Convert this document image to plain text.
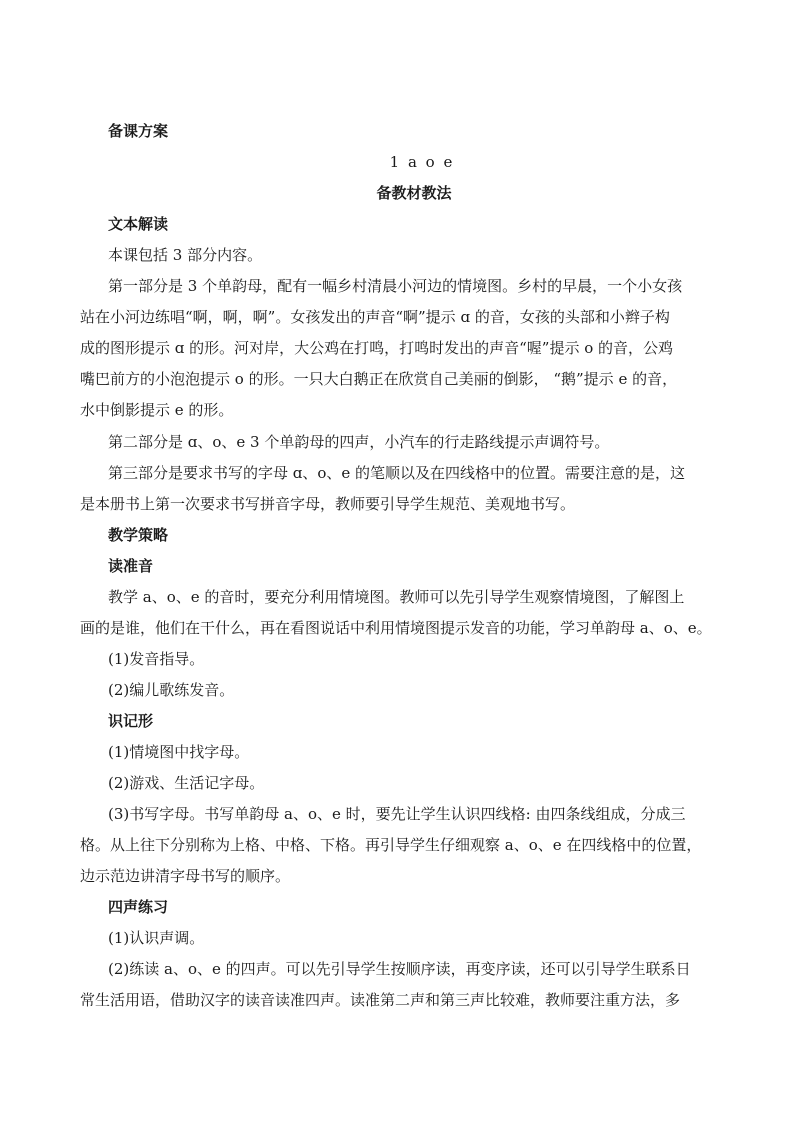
备课方案
1 a o e
备教材教法
文本解读
本课包括 3 部分内容。
第一部分是 3 个单韵母，配有一幅乡村清晨小河边的情境图。乡村的早晨，一个小女孩
站在小河边练唱“啊，啊，啊”。女孩发出的声音“啊”提示 ɑ 的音，女孩的头部和小辫子构
成的图形提示 ɑ 的形。河对岸，大公鸡在打鸣，打鸣时发出的声音“喔”提示 o 的音，公鸡
嘴巴前方的小泡泡提示 o 的形。一只大白鹅正在欣赏自己美丽的倒影， “鹅”提示 e 的音，
水中倒影提示 e 的形。
第二部分是 ɑ、o、e 3 个单韵母的四声，小汽车的行走路线提示声调符号。
第三部分是要求书写的字母 ɑ、o、e 的笔顺以及在四线格中的位置。需要注意的是，这
是本册书上第一次要求书写拼音字母，教师要引导学生规范、美观地书写。
教学策略
读准音
教学 a、o、e 的音时，要充分利用情境图。教师可以先引导学生观察情境图，了解图上
画的是谁，他们在干什么，再在看图说话中利用情境图提示发音的功能，学习单韵母 a、o、e。
(1)发音指导。
(2)编儿歌练发音。
识记形
(1)情境图中找字母。
(2)游戏、生活记字母。
(3)书写字母。书写单韵母 a、o、e 时，要先让学生认识四线格: 由四条线组成，分成三
格。从上往下分别称为上格、中格、下格。再引导学生仔细观察 a、o、e 在四线格中的位置，
边示范边讲清字母书写的顺序。
四声练习
(1)认识声调。
(2)练读 a、o、e 的四声。可以先引导学生按顺序读，再变序读，还可以引导学生联系日
常生活用语，借助汉字的读音读准四声。读准第二声和第三声比较难，教师要注重方法，多
